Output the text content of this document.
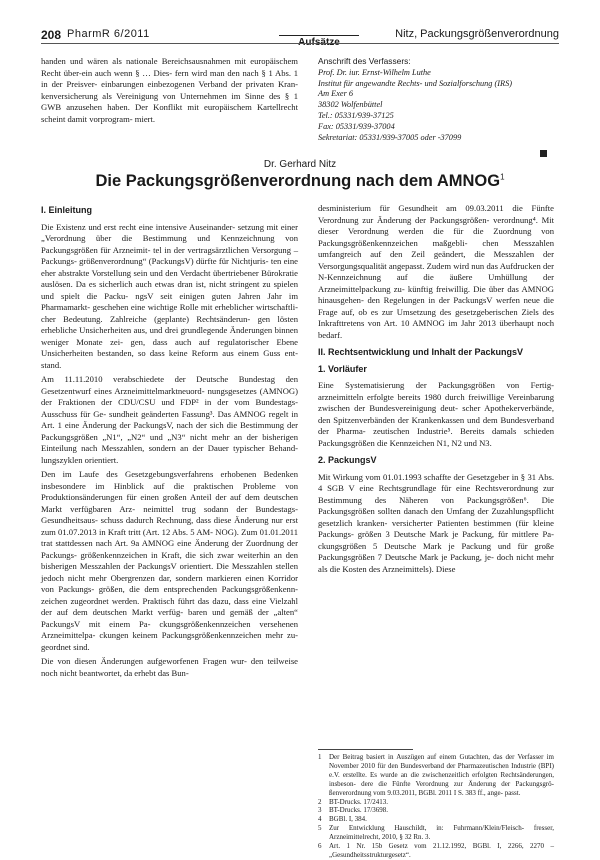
208 PharmR 6/2011
Aufsätze
Nitz, Packungsgrößenverordnung

handen und wären als nationale Bereichsausnahmen mit europäischem Recht über-ein auch wenn § … Dies- fern wird man den nach § 1 Abs. 1 in der Preisver- einbarungen einbezogenen Verband der privaten Kran- kenversicherung als Vereinigung von Unternehmen im Sinne des § 1 GWB anzusehen haben. Der Konflikt mit europäischem Kartellrecht scheint damit vorprogram- miert.

Anschrift des Verfassers:
Prof. Dr. iur. Ernst-Wilhelm Luthe
Institut für angewandte Rechts- und Sozialforschung (IRS)
Am Exer 6
38302 Wolfenbüttel
Tel.: 05331/939-37125
Fax: 05331/939-37004
Sekretariat: 05331/939-37005 oder -37099
Dr. Gerhard Nitz
Die Packungsgrößenverordnung nach dem AMNOG$^1$
I. Einleitung

Die Existenz und erst recht eine intensive Auseinander- setzung mit einer „Verordnung über die Bestimmung und Kennzeichnung von Packungsgrößen für Arzneimit- tel in der vertragsärztlichen Versorgung – Packungs- größenverordnung“ (PackungsV) dürfte für Nichtjuris- ten eine eher abstrakte Vorstellung sein und den Verdacht übertriebener Bürokratie auslösen. Da es sicherlich auch etwas dran ist, nicht stringent zu spielen und spielt die Packu- ngsV seit einigen guten Jahren Jahr im Pharmamarkt- geschehen eine wichtige Rolle mit erheblicher wirtschaftli- cher Bedeutung. Zahlreiche (geplante) Rechtsänderun- gen lösten erhebliche Unsicherheiten aus, und drei grundlegende Änderungen binnen weniger Monate zei- gen, dass auch auf regulatorischer Ebene Unsicherheiten bestanden, so dass keine Reform aus einem Guss ent- stand.

Am 11.11.2010 verabschiedete der Deutsche Bundestag den Gesetzentwurf eines Arzneimittelmarktneuord- nungsgesetzes (AMNOG) der Fraktionen der CDU/CSU und FDP² in der vom Bundestags-Ausschuss für Ge- sundheit geänderten Fassung³. Das AMNOG regelt in Art. 1 eine Änderung der PackungsV, nach der sich die Bestimmung der Packungsgrößen „N1“, „N2“ und „N3“ nicht mehr an der bisherigen Einteilung nach Messzahlen, sondern an der Dauer typischer Behand- lungszyklen orientiert.

Den im Laufe des Gesetzgebungsverfahrens erhobenen Bedenken insbesondere im Hinblick auf die praktischen Probleme von Produktionsänderungen für einen großen Anteil der auf dem deutschen Markt verfügbaren Arz- neimittel trug sodann der Bundestags-Gesundheitsaus- schuss dadurch Rechnung, dass diese Änderung nur erst zum 01.07.2013 in Kraft tritt (Art. 12 Abs. 5 AM- NOG). Zum 01.01.2011 trat stattdessen nach Art. 9a AMNOG eine Änderung der Zuordnung der Packungs- größenkennzeichen in Kraft, die sich zwar weiterhin an den bisherigen Messzahlen der PackungsV orientiert. Die Messzahlen stellen jedoch nicht mehr Obergrenzen dar, sondern markieren einen Korridor von Packungs- größen, die dem entsprechenden Packungsgrößenkenn- zeichen zugeordnet werden. Praktisch führt das dazu, dass eine Vielzahl der auf dem deutschen Markt verfüg- baren und gemäß der „alten“ PackungsV mit einem Pa- ckungsgrößenkennzeichen versehenen Arzneimittelpa- ckungen keinem Packungsgrößenkennzeichen mehr zu- geordnet sind.

Die von diesen Änderungen aufgeworfenen Fragen wur- den teilweise noch nicht beantwortet, da erhebt das Bun-

desministerium für Gesundheit am 09.03.2011 die Fünfte Verordnung zur Änderung der Packungsgrößen- verordnung⁴. Mit dieser Verordnung werden die für die Zuordnung von Packungsgrößenkennzeichen maßgebli- chen Messzahlen umfangreich auf den Zeil geändert, die Messzahlen der Versorgungsqualität angepasst. Zudem wird nun das Aufdrucken der N-Kennzeichnung auf die äußere Umhüllung der Arzneimittelpackung zu- künftig freiwillig. Die über das AMNOG hinausgehen- den Regelungen in der PackungsV werfen neue die Frage auf, ob es zur Umsetzung des gesetzgeberischen Ziels des Inkrafttretens von Art. 10 AMNOG im Jahr 2013 überhaupt noch bedarf.

II. Rechtsentwicklung und Inhalt der PackungsV
1. Vorläufer

Eine Systematisierung der Packungsgrößen von Fertig- arzneimitteln erfolgte bereits 1980 durch freiwillige Vereinbarung zwischen der Bundesvereinigung deut- scher Apothekerverbände, den Spitzenverbänden der Krankenkassen und dem Bundesverband der Pharma- zeutischen Industrie⁵. Bereits damals schieden Packungsgrößen die Kennzeichen N1, N2 und N3.

2. PackungsV

Mit Wirkung vom 01.01.1993 schaffte der Gesetzgeber in § 31 Abs. 4 SGB V eine Rechtsgrundlage für eine Rechtsverordnung zur Bestimmung des Näheren von Packungsgrößen⁶. Die Packungsgrößen sollten danach den Umfang der Zuzahlungspflicht gesetzlich kranken- versicherter Patienten bestimmen (für kleine Packungs- größen 3 Deutsche Mark je Packung, für mittlere Pa- ckungsgrößen 5 Deutsche Mark je Packung und für große Packungsgrößen 7 Deutsche Mark je Packung, je- doch nicht mehr als die Kosten des Arzneimittels). Diese

1	Der Beitrag basiert in Auszügen auf einem Gutachten, das der Verfasser im November 2010 für den Bundesverband der Pharmazeutischen Industrie (BPI) e.V. erstellte. Es wurde an die zwischenzeitlich erfolgten Rechtsänderungen, insbeson- dere die Fünfte Verordnung zur Änderung der Packungsgrö- ßenverordnung vom 9.03.2011, BGBl. 2011 I S. 383 ff., ange- passt.
2	BT-Drucks. 17/2413.
3	BT-Drucks. 17/3698.
4	BGBl. I, 384.
5	Zur Entwicklung Hauschildt, in: Fuhrmann/Klein/Fleisch- fresser, Arzneimittelrecht, 2010, § 32 Rn. 3.
6	Art. 1 Nr. 15b Gesetz vom 21.12.1992, BGBl. I, 2266, 2270 – „Gesundheitsstrukturgesetz“.
